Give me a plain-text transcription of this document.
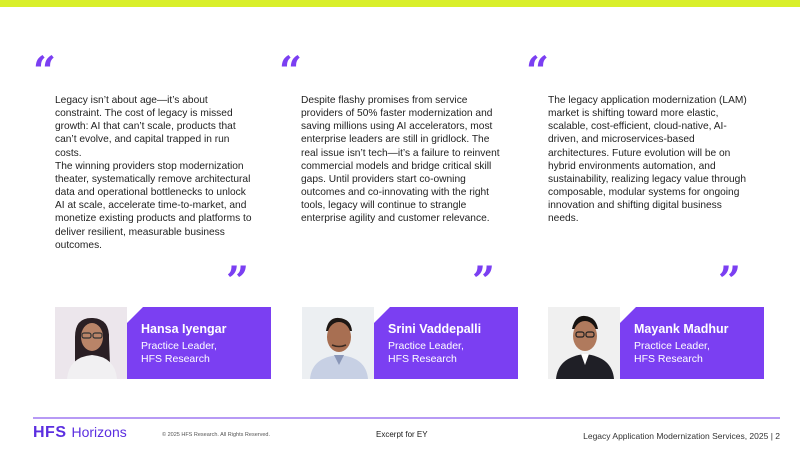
“
Legacy isn’t about age—it’s about constraint. The cost of legacy is missed growth: AI that can’t scale, products that can’t evolve, and capital trapped in run costs.
The winning providers stop modernization theater, systematically remove architectural data and operational bottlenecks to unlock AI at scale, accelerate time-to-market, and monetize existing products and platforms to deliver resilient, measurable business outcomes.
“
Despite flashy promises from service providers of 50% faster modernization and saving millions using AI accelerators, most enterprise leaders are still in gridlock. The real issue isn’t tech—it’s a failure to reinvent commercial models and bridge critical skill gaps. Until providers start co-owning outcomes and co-innovating with the right tools, legacy will continue to strangle enterprise agility and customer relevance.
“
The legacy application modernization (LAM) market is shifting toward more elastic, scalable, cost-efficient, cloud-native, AI-driven, and microservices-based architectures. Future evolution will be on hybrid environments automation, and sustainability, realizing legacy value through composable, modular systems for ongoing innovation and shifting digital business needs.
”	”	”
Hansa Iyengar
Practice Leader,
HFS Research
Srini Vaddepalli
Practice Leader,
HFS Research
Mayank Madhur
Practice Leader,
HFS Research
HFS Horizons	© 2025 HFS Research. All Rights Reserved.	Excerpt for EY	Legacy Application Modernization Services, 2025 | 2
